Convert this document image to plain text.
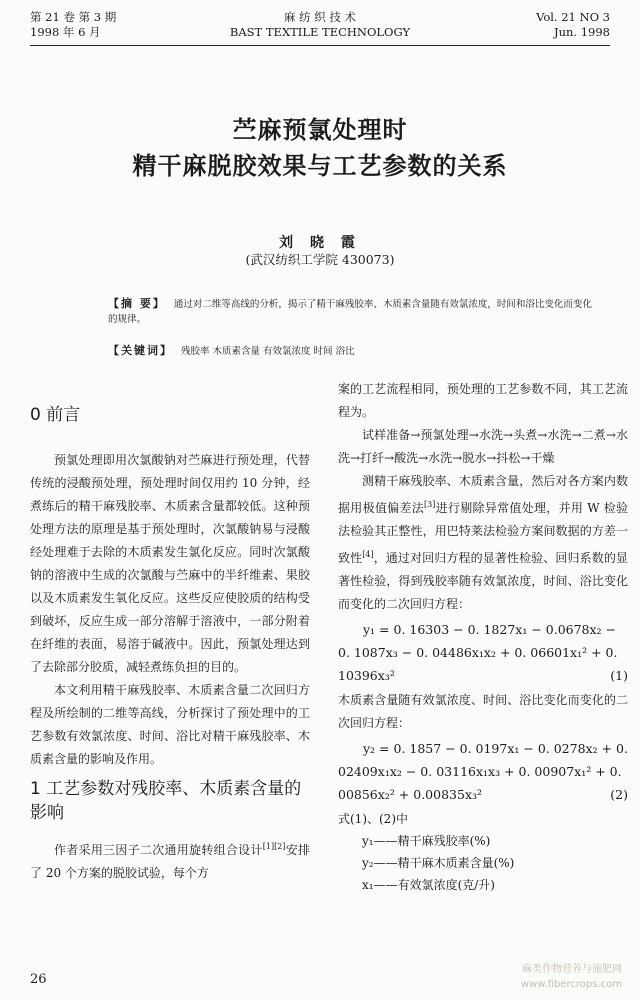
第 21 卷 第 3 期
1998 年 6 月
麻 纺 织 技 术
BAST TEXTILE TECHNOLOGY
Vol. 21 NO 3
Jun. 1998
苎麻预氯处理时
精干麻脱胶效果与工艺参数的关系
刘 晓 霞
(武汉纺织工学院 430073)
【摘 要】 通过对二维等高线的分析，揭示了精干麻残胶率、木质素含量随有效氯浓度，时间和浴比变化而变化的规律。
【关键词】 残胶率 木质素含量 有效氯浓度 时间 浴比
0 前言

预氯处理即用次氯酸钠对苎麻进行预处理，代替传统的浸酸预处理，预处理时间仅用约 10 分钟，经煮练后的精干麻残胶率、木质素含量都较低。这种预处理方法的原理是基于预处理时，次氯酸钠易与浸酸经处理难于去除的木质素发生氯化反应。同时次氯酸钠的溶液中生成的次氯酸与苎麻中的半纤维素、果胶以及木质素发生氧化反应。这些反应使胶质的结构受到破坏，反应生成一部分溶解于溶液中，一部分附着在纤维的表面，易溶于碱液中。因此，预氯处理达到了去除部分胶质，减轻煮练负担的目的。

本文利用精干麻残胶率、木质素含量二次回归方程及所绘制的二维等高线，分析探讨了预处理中的工艺参数有效氯浓度、时间、浴比对精干麻残胶率、木质素含量的影响及作用。

1 工艺参数对残胶率、木质素含量的影响

作者采用三因子二次通用旋转组合设计[1][2]安排了 20 个方案的脱胶试验，每个方

案的工艺流程相同，预处理的工艺参数不同，其工艺流程为。

试样准备→预氯处理→水洗→头煮→水洗→二煮→水洗→打纤→酸洗→水洗→脱水→抖松→干燥

测精干麻残胶率、木质素含量，然后对各方案内数据用极值偏差法[3]进行剔除异常值处理，并用 W 检验法检验其正整性，用巴特莱法检验方案间数据的方差一致性[4]，通过对回归方程的显著性检验、回归系数的显著性检验，得到残胶率随有效氯浓度，时间、浴比变化而变化的二次回归方程：

y₁ = 0. 16303 − 0. 1827x₁ − 0.0678x₂ −
0. 1087x₃ − 0. 04486x₁x₂ + 0. 06601x₁² + 0.
10396x₃²	(1)

木质素含量随有效氯浓度、时间、浴比变化而变化的二次回归方程：

y₂ = 0. 1857 − 0. 0197x₁ − 0. 0278x₂ + 0.
02409x₁x₂ − 0. 03116x₁x₃ + 0. 00907x₁² + 0.
00856x₂² + 0.00835x₃²	(2)
式(1)、(2)中
y₁——精干麻残胶率(%)
y₂——精干麻木质素含量(%)
x₁——有效氯浓度(克/升)
26
麻类作物营养与施肥网
www.fibercrops.com
